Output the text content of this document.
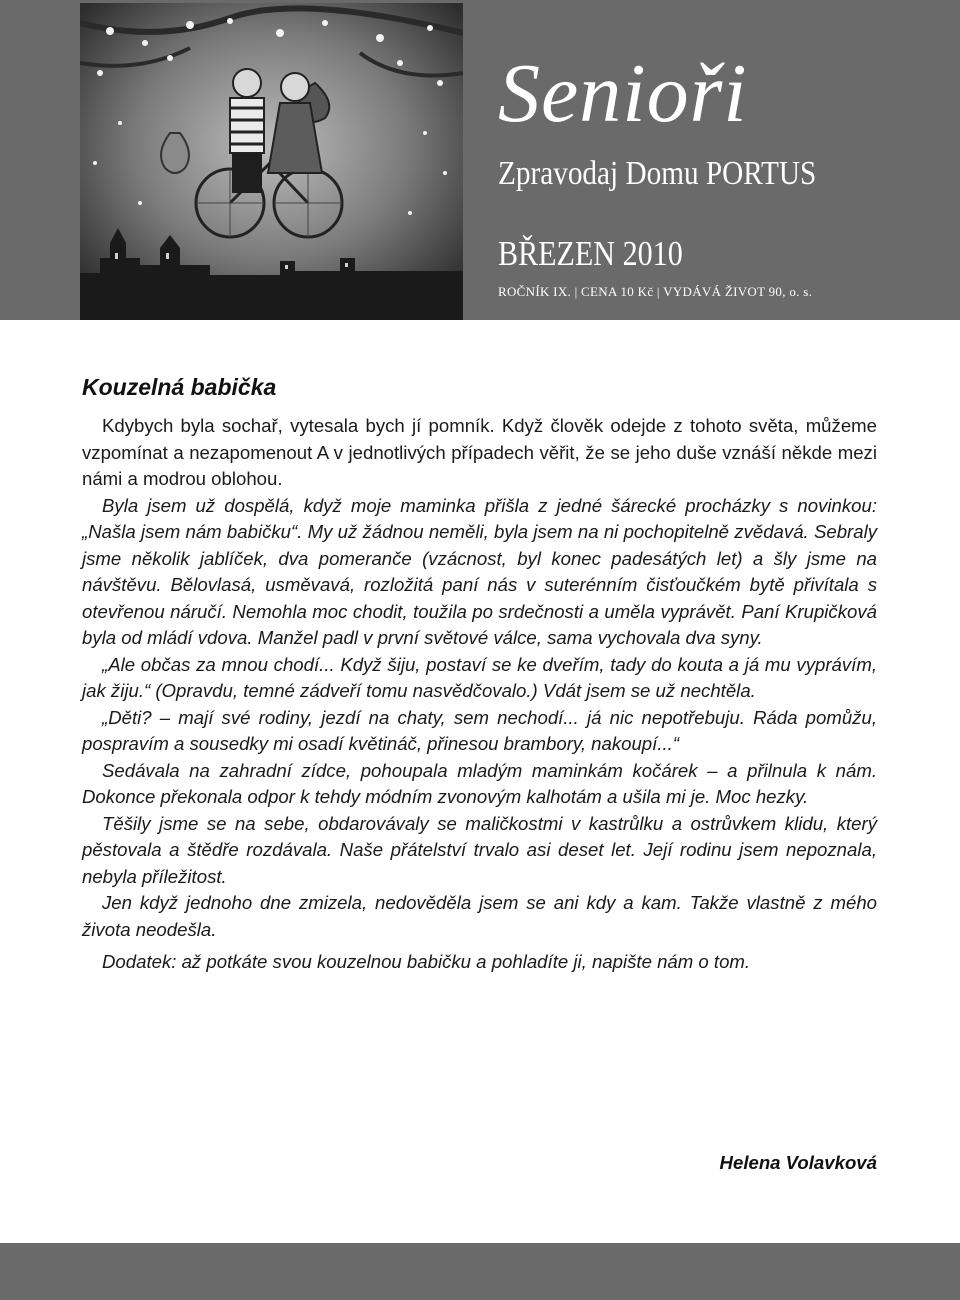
Senioři
Zpravodaj Domu PORTUS
BŘEZEN 2010
ROČNÍK IX. | CENA 10 Kč | VYDÁVÁ ŽIVOT 90, o. s.
Kouzelná babička

Kdybych byla sochař, vytesala bych jí pomník. Když člověk odejde z tohoto světa, můžeme vzpomínat a nezapomenout A v jednotlivých případech věřit, že se jeho duše vznáší někde mezi námi a modrou oblohou.

Byla jsem už dospělá, když moje maminka přišla z jedné šárecké procházky s novinkou: „Našla jsem nám babičku“. My už žádnou neměli, byla jsem na ni pochopitelně zvědavá. Sebraly jsme několik jablíček, dva pomeranče (vzácnost, byl konec padesátých let) a šly jsme na návštěvu. Bělovlasá, usměvavá, rozložitá paní nás v suterénním čisťoučkém bytě přivítala s otevřenou náručí. Nemohla moc chodit, toužila po srdečnosti a uměla vyprávět. Paní Krupičková byla od mládí vdova. Manžel padl v první světové válce, sama vychovala dva syny.

„Ale občas za mnou chodí... Když šiju, postaví se ke dveřím, tady do kouta a já mu vyprávím, jak žiju.“ (Opravdu, temné zádveří tomu nasvědčovalo.) Vdát jsem se už nechtěla.

„Děti? – mají své rodiny, jezdí na chaty, sem nechodí... já nic nepotřebuju. Ráda pomůžu, pospravím a sousedky mi osadí květináč, přinesou brambory, nakoupí...“

Sedávala na zahradní zídce, pohoupala mladým maminkám kočárek – a přilnula k nám. Dokonce překonala odpor k tehdy módním zvonovým kalhotám a ušila mi je. Moc hezky.

Těšily jsme se na sebe, obdarovávaly se maličkostmi v kastrůlku a ostrůvkem klidu, který pěstovala a štědře rozdávala. Naše přátelství trvalo asi deset let. Její rodinu jsem nepoznala, nebyla příležitost.

Jen když jednoho dne zmizela, nedověděla jsem se ani kdy a kam. Takže vlastně z mého života neodešla.

Dodatek: až potkáte svou kouzelnou babičku a pohladíte ji, napište nám o tom.

Helena Volavková
